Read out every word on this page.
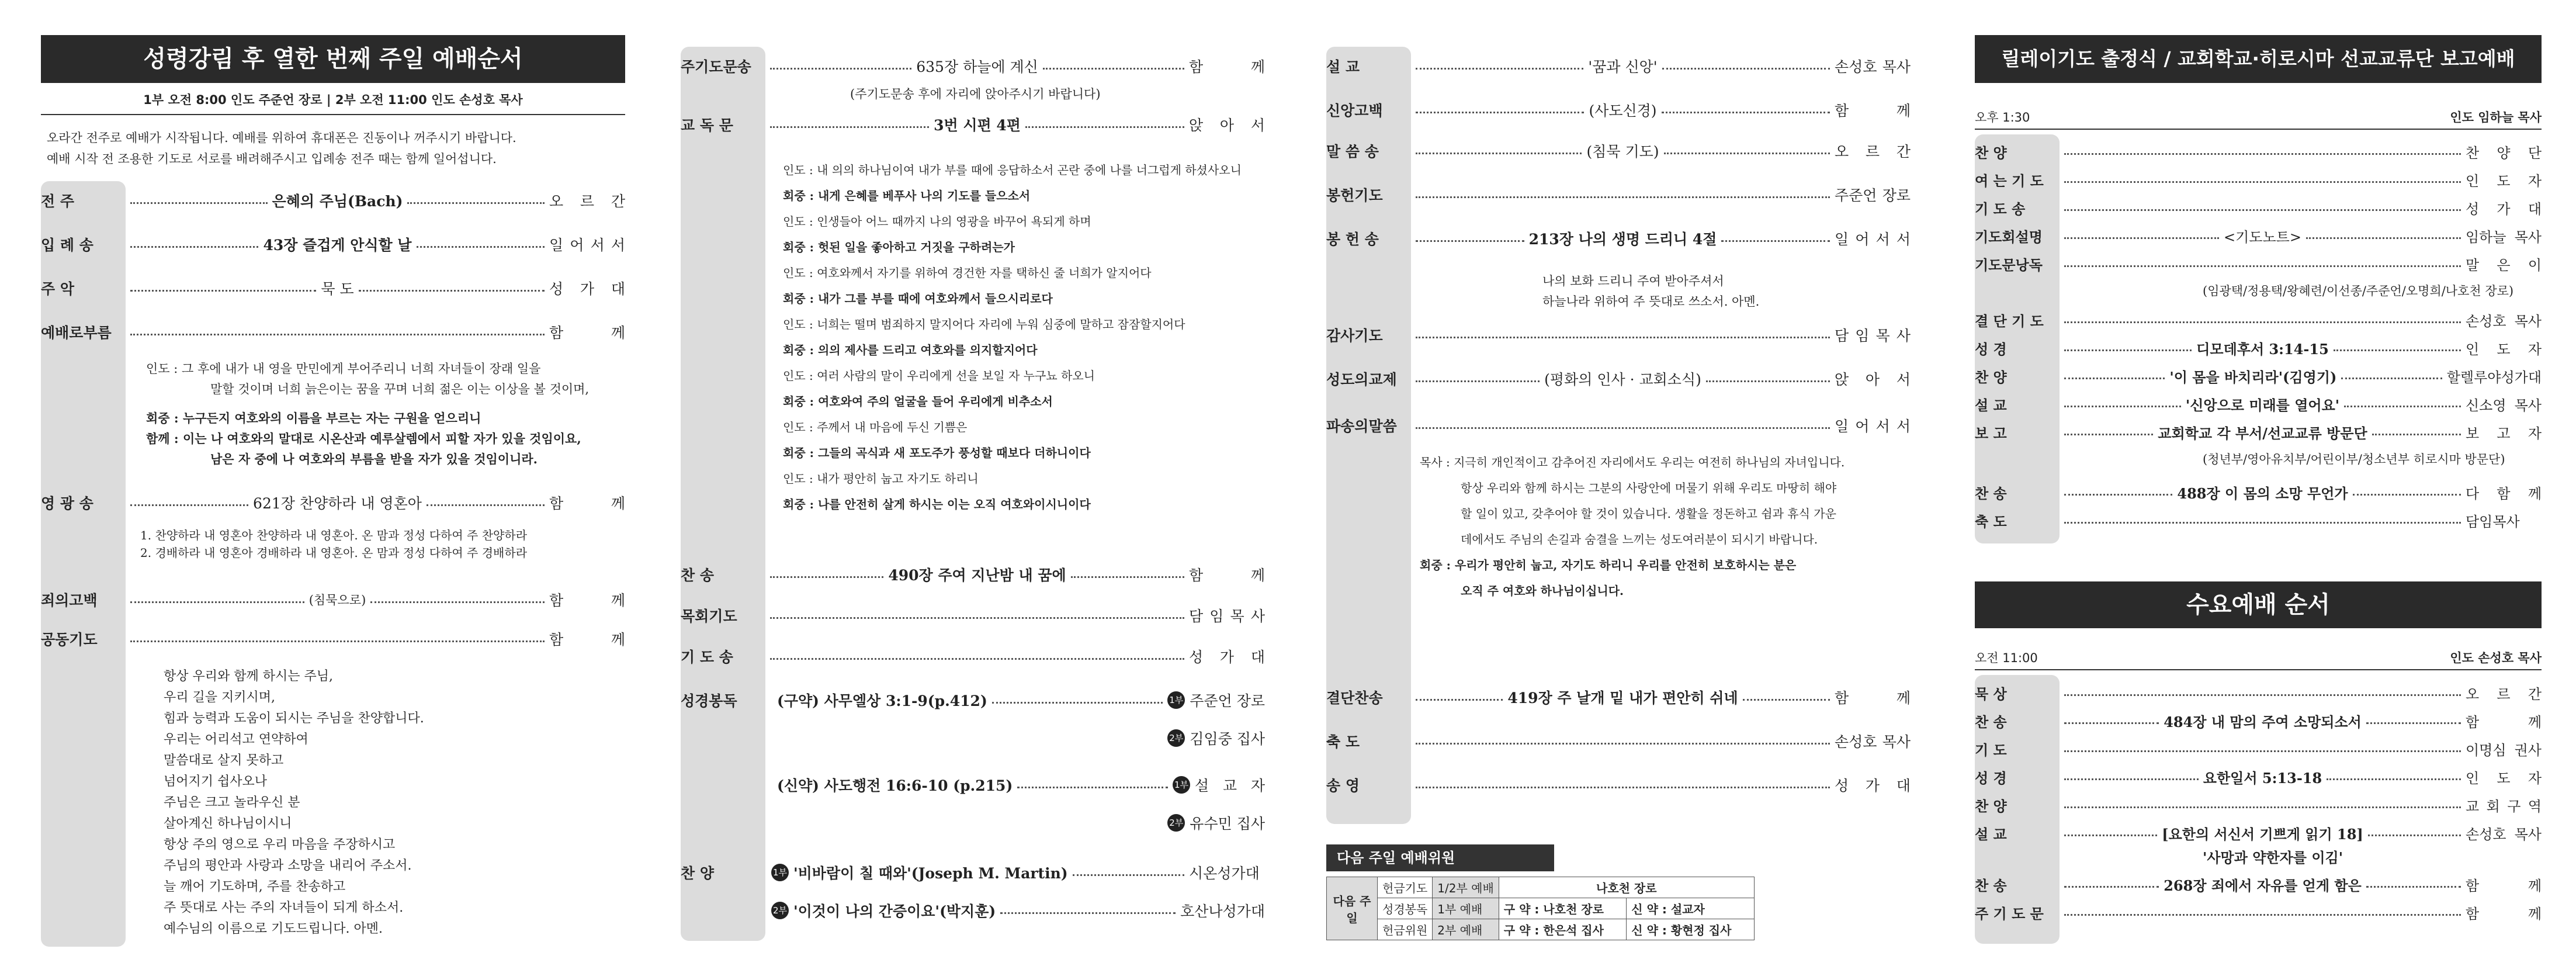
성령강림 후 열한 번째 주일 예배순서
1부 오전 8:00 인도 주준언 장로 | 2부 오전 11:00 인도 손성호 목사
오라간 전주로 예배가 시작됩니다. 예배를 위하여 휴대폰은 진동이나 꺼주시기 바랍니다.
예배 시작 전 조용한 기도로 서로를 배려해주시고 입례송 전주 때는 함께 일어섭니다.
전 주	은혜의 주님(Bach)	오 르 간
입 례 송	43장 즐겁게 안식할 날	일 어 서 서
주 악	묵 도	성 가 대
예배로부름	함 께
영 광 송	621장 찬양하라 내 영혼아	함 께
죄의고백	(침묵으로)	함 께
공동기도	함 께
인도 : 그 후에 내가 내 영을 만민에게 부어주리니 너희 자녀들이 장래 일을
말할 것이며 너희 늙은이는 꿈을 꾸며 너희 젊은 이는 이상을 볼 것이며,
회중 : 누구든지 여호와의 이름을 부르는 자는 구원을 얻으리니
함께 : 이는 나 여호와의 말대로 시온산과 예루살렘에서 피할 자가 있을 것임이요,
남은 자 중에 나 여호와의 부름을 받을 자가 있을 것임이니라.
1. 찬양하라 내 영혼아 찬양하라 내 영혼아. 온 맘과 정성 다하여 주 찬양하라
2. 경배하라 내 영혼아 경배하라 내 영혼아. 온 맘과 정성 다하여 주 경배하라
항상 우리와 함께 하시는 주님,
우리 길을 지키시며,
힘과 능력과 도움이 되시는 주님을 찬양합니다.
우리는 어리석고 연약하여
말씀대로 살지 못하고
넘어지기 쉽사오나
주님은 크고 놀라우신 분
살아계신 하나님이시니
항상 주의 영으로 우리 마음을 주장하시고
주님의 평안과 사랑과 소망을 내리어 주소서.
늘 깨어 기도하며, 주를 찬송하고
주 뜻대로 사는 주의 자녀들이 되게 하소서.
예수님의 이름으로 기도드립니다. 아멘.
주기도문송	635장 하늘에 계신	함 께
(주기도문송 후에 자리에 앉아주시기 바랍니다)
교 독 문	3번 시편 4편	앉 아 서
인도 : 내 의의 하나님이여 내가 부를 때에 응답하소서 곤란 중에 나를 너그럽게 하셨사오니
회중 : 내게 은혜를 베푸사 나의 기도를 들으소서
인도 : 인생들아 어느 때까지 나의 영광을 바꾸어 욕되게 하며
회중 : 헛된 일을 좋아하고 거짓을 구하려는가
인도 : 여호와께서 자기를 위하여 경건한 자를 택하신 줄 너희가 알지어다
회중 : 내가 그를 부를 때에 여호와께서 들으시리로다
인도 : 너희는 떨며 범죄하지 말지어다 자리에 누워 심중에 말하고 잠잠할지어다
회중 : 의의 제사를 드리고 여호와를 의지할지어다
인도 : 여러 사람의 말이 우리에게 선을 보일 자 누구뇨 하오니
회중 : 여호와여 주의 얼굴을 들어 우리에게 비추소서
인도 : 주께서 내 마음에 두신 기쁨은
회중 : 그들의 곡식과 새 포도주가 풍성할 때보다 더하니이다
인도 : 내가 평안히 눕고 자기도 하리니
회중 : 나를 안전히 살게 하시는 이는 오직 여호와이시니이다
찬 송	490장 주여 지난밤 내 꿈에	함 께
목회기도	담 임 목 사
기 도 송	성 가 대
성경봉독	(구약) 사무엘상 3:1-9(p.412)	1부 주준언 장로
2부 김임중 집사
(신약) 사도행전 16:6-10 (p.215)	1부 설 교 자
2부 유수민 집사
찬 양	1부 '비바람이 칠 때와'(Joseph M. Martin)	시온성가대
2부 '이것이 나의 간증이요'(박지훈)	호산나성가대
설 교	'꿈과 신앙'	손성호 목사
신앙고백	(사도신경)	함 께
말 씀 송	(침묵 기도)	오 르 간
봉헌기도	주준언 장로
봉 헌 송	213장 나의 생명 드리니 4절	일 어 서 서
감사기도	담 임 목 사
성도의교제	(평화의 인사 · 교회소식)	앉 아 서
파송의말씀	일 어 서 서
결단찬송	419장 주 날개 밑 내가 편안히 쉬네	함 께
축 도	손성호 목사
송 영	성 가 대
나의 보화 드리니 주여 받아주셔서
하늘나라 위하여 주 뜻대로 쓰소서. 아멘.
목사 : 지극히 개인적이고 감추어진 자리에서도 우리는 여전히 하나님의 자녀입니다.
항상 우리와 함께 하시는 그분의 사랑안에 머물기 위해 우리도 마땅히 해야
할 일이 있고, 갖추어야 할 것이 있습니다. 생활을 정돈하고 쉼과 휴식 가운
데에서도 주님의 손길과 숨결을 느끼는 성도여러분이 되시기 바랍니다.
회중 : 우리가 평안히 눕고, 자기도 하리니 우리를 안전히 보호하시는 분은
오직 주 여호와 하나님이십니다.
다음 주일 예배위원
다음 주일	헌금기도	1/2부 예배	나호천 장로	
	성경봉독	1부 예배	구 약 : 나호천 장로	신 약 : 설교자
	헌금위원	2부 예배	구 약 : 한은석 집사	신 약 : 황현정 집사
릴레이기도 출정식 / 교회학교·히로시마 선교교류단 보고예배
오후 1:30	인도 임하늘 목사
찬 양	찬 양 단
여 는 기 도	인 도 자
기 도 송	성 가 대
기도회설명	<기도노트>	임하늘 목사
기도문낭독	말 은 이
(임광택/정용택/왕혜련/이선종/주준언/오명희/나호천 장로)
결 단 기 도	손성호 목사
성 경	디모데후서 3:14-15	인 도 자
찬 양	'이 몸을 바치리라'(김영기)	할렐루야성가대
설 교	'신앙으로 미래를 열어요'	신소영 목사
보 고	교회학교 각 부서/선교교류 방문단	보 고 자
(청년부/영아유치부/어린이부/청소년부 히로시마 방문단)
찬 송	488장 이 몸의 소망 무언가	다 함 께
축 도	담임목사
수요예배 순서
오전 11:00	인도 손성호 목사
묵 상	오 르 간
찬 송	484장 내 맘의 주여 소망되소서	함 께
기 도	이명심 권사
성 경	요한일서 5:13-18	인 도 자
찬 양	교 회 구 역
설 교	[요한의 서신서 기쁘게 읽기 18]	손성호 목사
'사망과 약한자를 이김'
찬 송	268장 죄에서 자유를 얻게 함은	함 께
주 기 도 문	함 께
